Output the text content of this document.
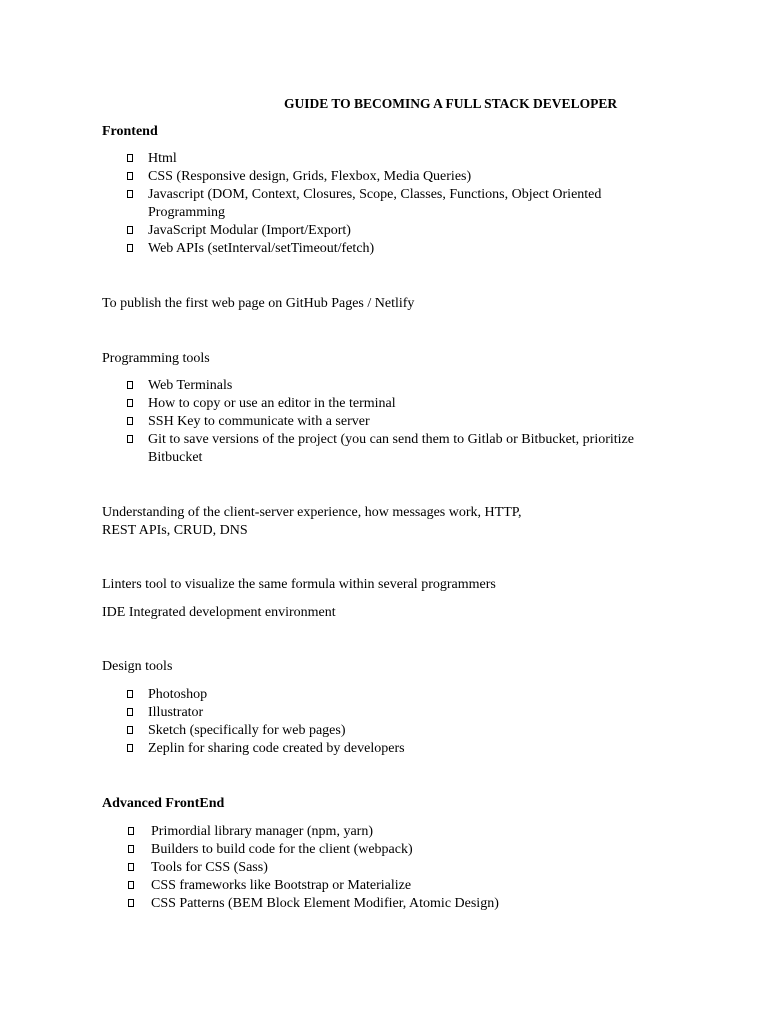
GUIDE TO BECOMING A FULL STACK DEVELOPER
Frontend
Html
CSS (Responsive design, Grids, Flexbox, Media Queries)
Javascript (DOM, Context, Closures, Scope, Classes, Functions, Object Oriented
Programming
JavaScript Modular (Import/Export)
Web APIs (setInterval/setTimeout/fetch)
To publish the first web page on GitHub Pages / Netlify
Programming tools
Web Terminals
How to copy or use an editor in the terminal
SSH Key to communicate with a server
Git to save versions of the project (you can send them to Gitlab or Bitbucket, prioritize
Bitbucket
Understanding of the client-server experience, how messages work, HTTP,
REST APIs, CRUD, DNS
Linters tool to visualize the same formula within several programmers
IDE Integrated development environment
Design tools
Photoshop
Illustrator
Sketch (specifically for web pages)
Zeplin for sharing code created by developers
Advanced FrontEnd
Primordial library manager (npm, yarn)
Builders to build code for the client (webpack)
Tools for CSS (Sass)
CSS frameworks like Bootstrap or Materialize
CSS Patterns (BEM Block Element Modifier, Atomic Design)
